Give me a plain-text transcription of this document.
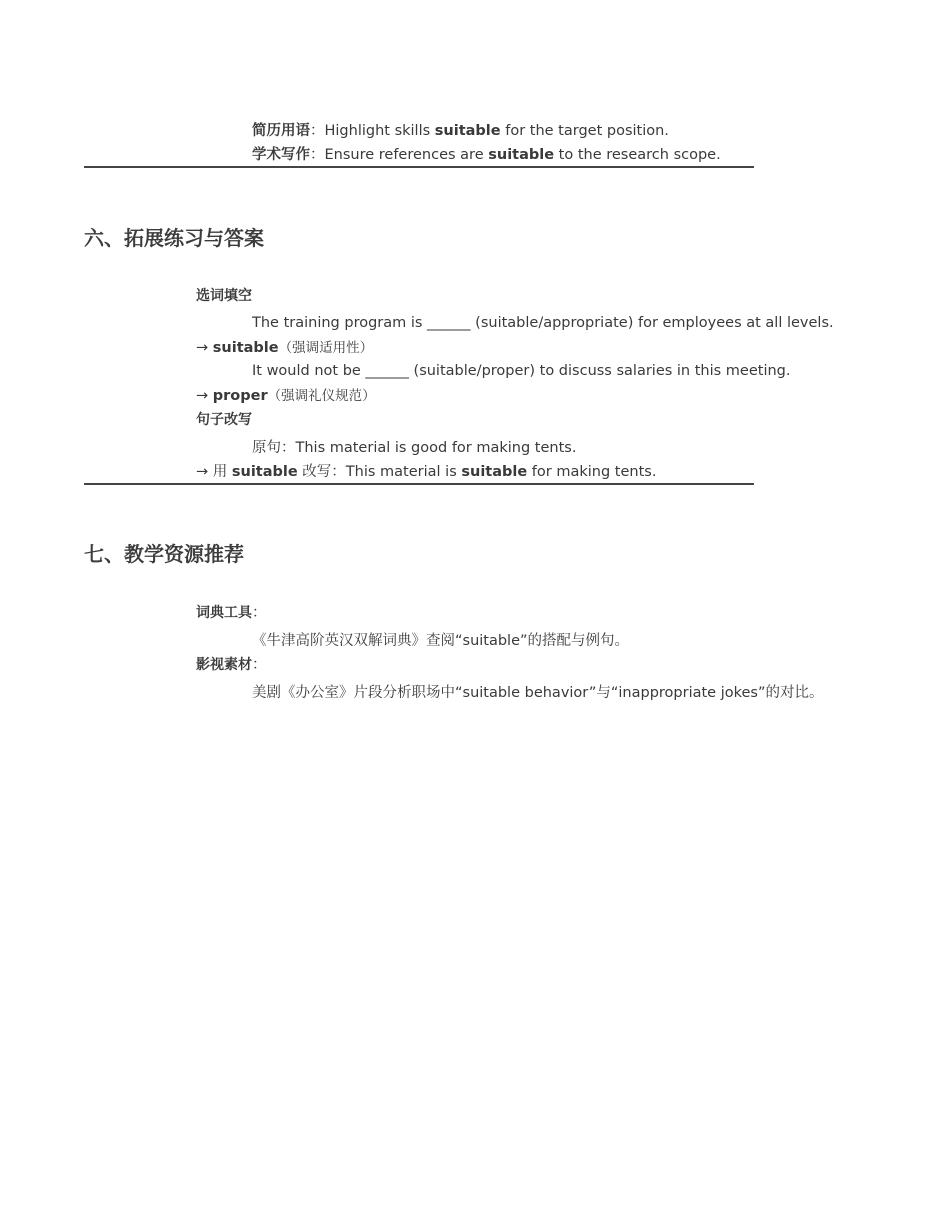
简历用语：Highlight skills suitable for the target position.
学术写作：Ensure references are suitable to the research scope.
六、拓展练习与答案
选词填空
The training program is ______ (suitable/appropriate) for employees at all levels.
→ suitable（强调适用性）
It would not be ______ (suitable/proper) to discuss salaries in this meeting.
→ proper（强调礼仪规范）
句子改写
原句：This material is good for making tents.
→ 用 suitable 改写：This material is suitable for making tents.
七、教学资源推荐
词典工具：
《牛津高阶英汉双解词典》查阅“suitable”的搭配与例句。
影视素材：
美剧《办公室》片段分析职场中“suitable behavior”与“inappropriate jokes”的对比。
